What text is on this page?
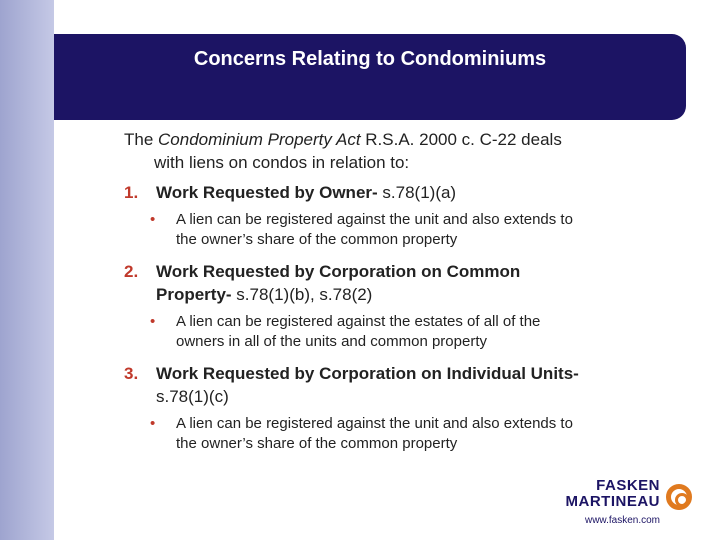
Concerns Relating to Condominiums
The Condominium Property Act R.S.A. 2000 c. C-22 deals
with liens on condos in relation to:
1.	Work Requested by Owner- s.78(1)(a)
• A lien can be registered against the unit and also extends to
the owner’s share of the common property
2.	Work Requested by Corporation on Common
Property- s.78(1)(b), s.78(2)
• A lien can be registered against the estates of all of the
owners in all of the units and common property
3.	Work Requested by Corporation on Individual Units-
s.78(1)(c)
• A lien can be registered against the unit and also extends to
the owner’s share of the common property
FASKEN
MARTINEAU
www.fasken.com
